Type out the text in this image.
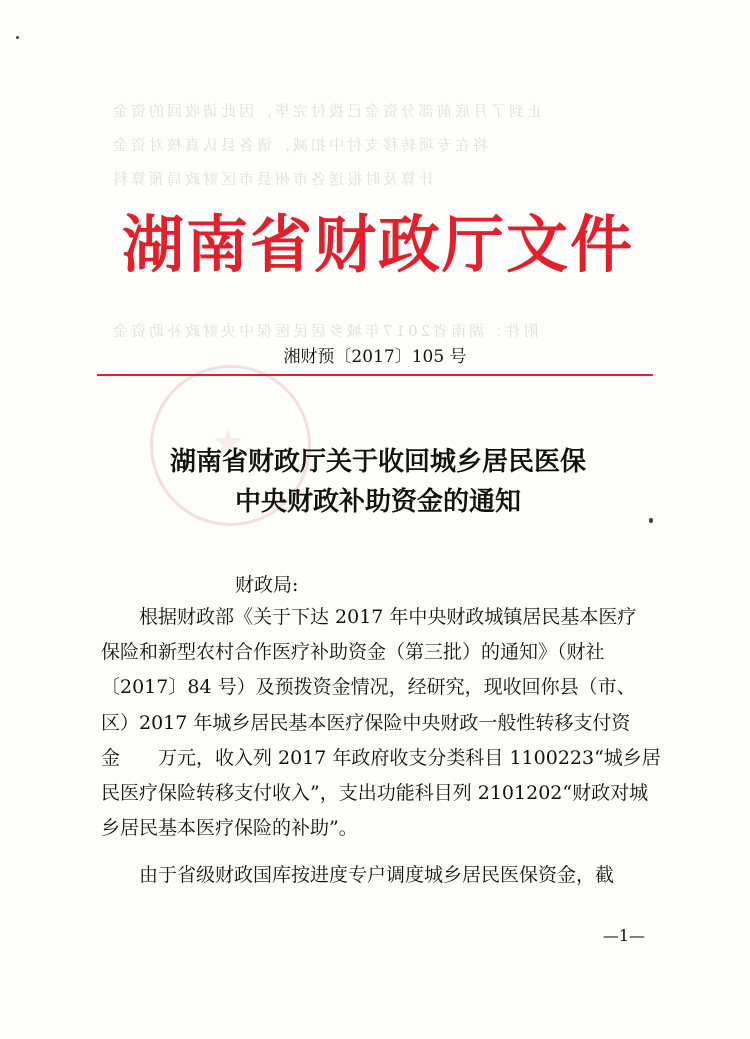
止到了月底前部分资金已拨付完毕，因此请收回的资金
将在专项转移支付中扣减，请各县认真核对资金
计算及时报送各市州县市区财政局预算科
附件：湖南省2017年城乡居民医保中央财政补助资金
湖南省财政厅文件

湘财预〔2017〕105 号

湖南省财政厅关于收回城乡居民医保
中央财政补助资金的通知

财政局:

根据财政部《关于下达 2017 年中央财政城镇居民基本医疗
保险和新型农村合作医疗补助资金（第三批）的通知》（财社
〔2017〕84 号）及预拨资金情况，经研究，现收回你县（市、
区）2017 年城乡居民基本医疗保险中央财政一般性转移支付资
金　　万元，收入列 2017 年政府收支分类科目 1100223“城乡居
民医疗保险转移支付收入”，支出功能科目列 2101202“财政对城
乡居民基本医疗保险的补助”。

由于省级财政国库按进度专户调度城乡居民医保资金，截

—1—
